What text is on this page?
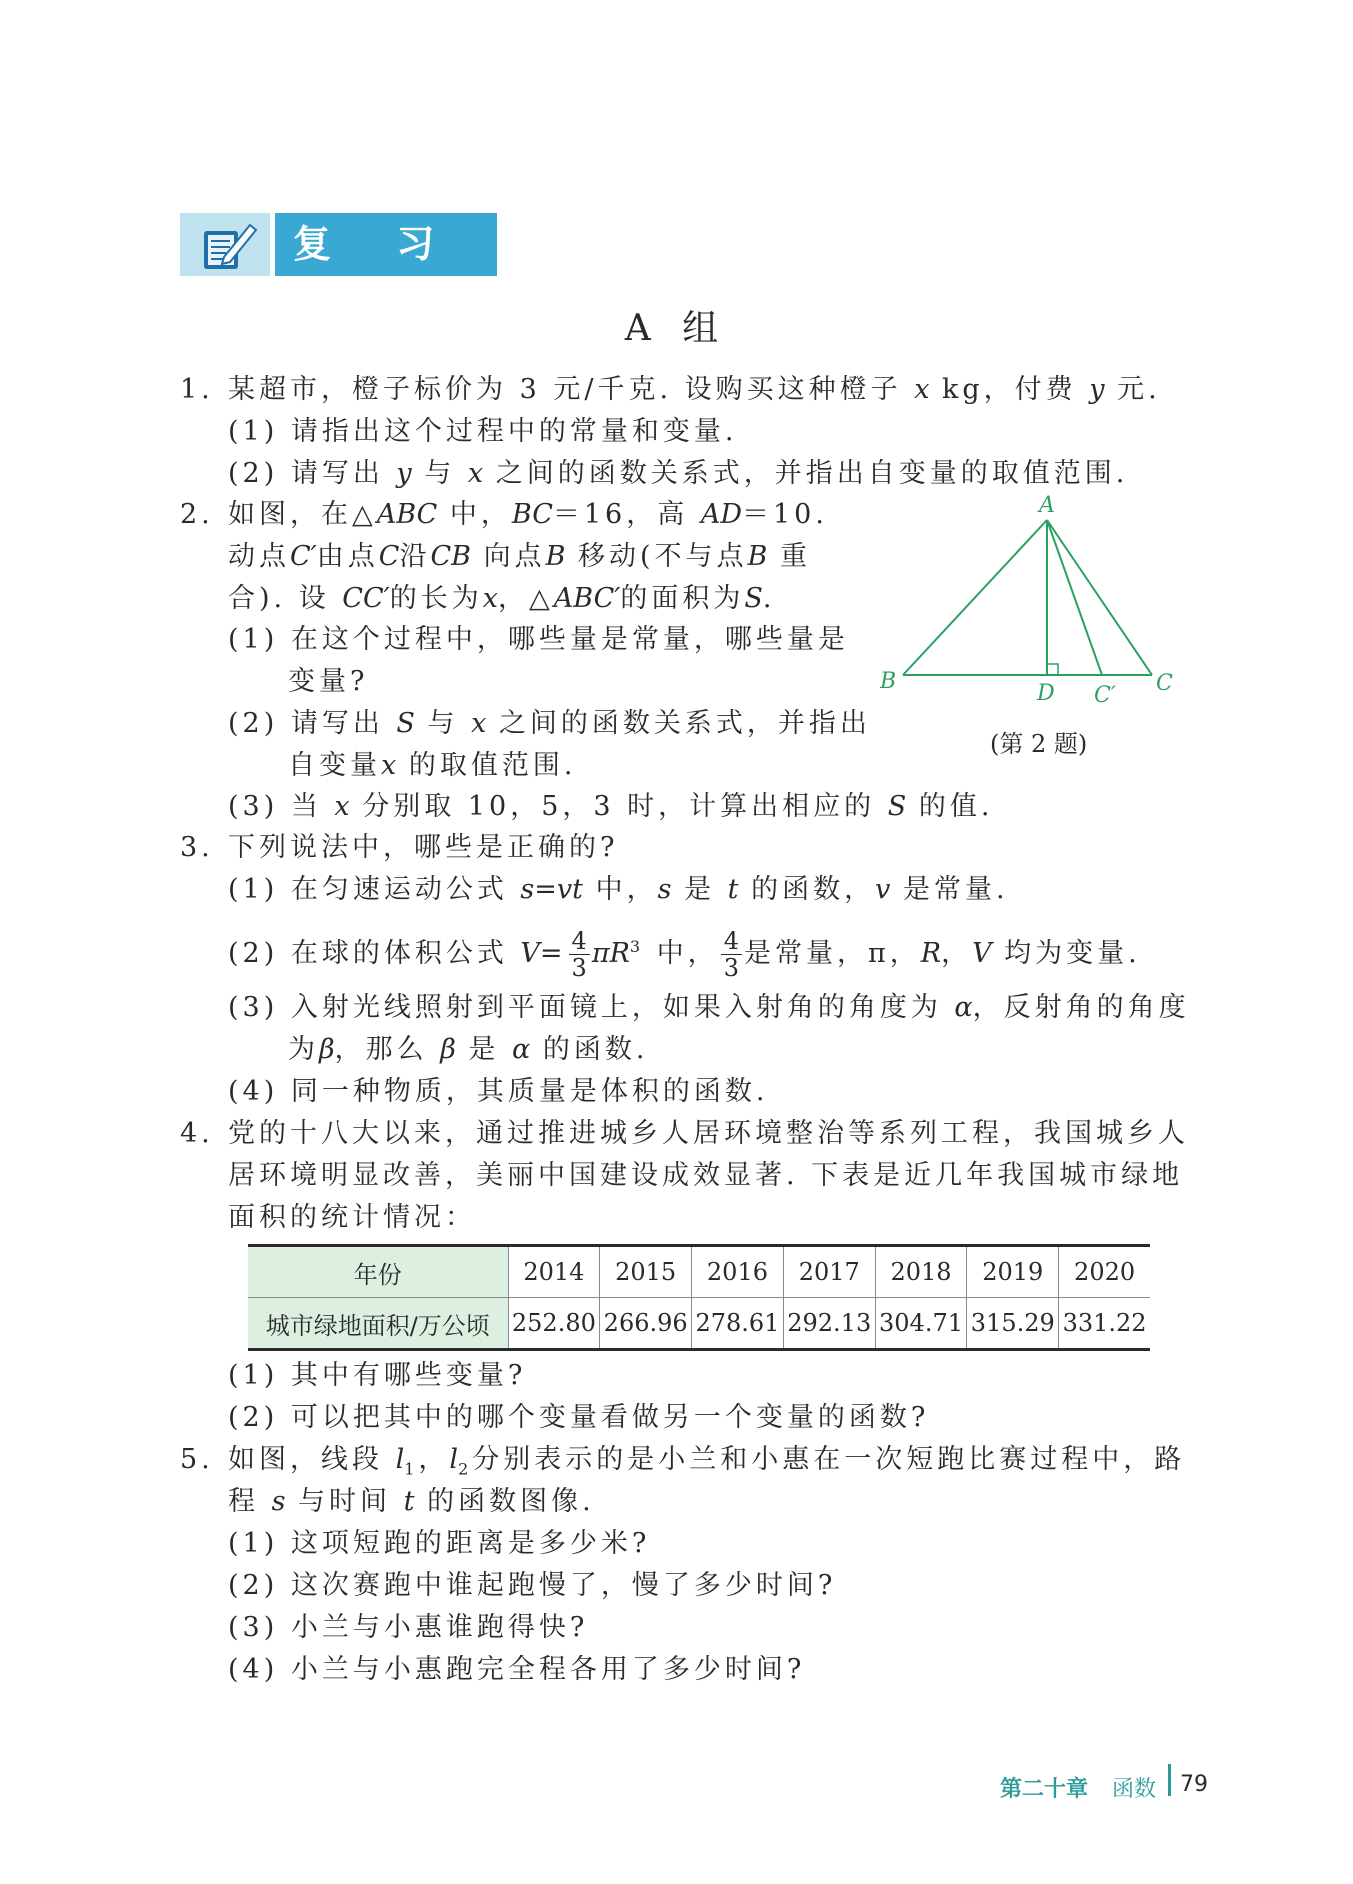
复 习 题
A 组
1. 某超市，橙子标价为 3 元/千克. 设购买这种橙子 x kg，付费 y 元.
(1) 请指出这个过程中的常量和变量.
(2) 请写出 y 与 x 之间的函数关系式，并指出自变量的取值范围.
2. 如图，在△ABC 中，BC＝16，高 AD＝10.
动点C′由点C沿CB 向点B 移动(不与点B 重
合). 设 CC′的长为x，△ABC′的面积为S.
(1) 在这个过程中，哪些量是常量，哪些量是
变量?
(2) 请写出 S 与 x 之间的函数关系式，并指出
自变量x 的取值范围.
(3) 当 x 分别取 10，5，3 时，计算出相应的 S 的值.
A
B	D C′ C
(第 2 题)
3. 下列说法中，哪些是正确的?
(1) 在匀速运动公式 s=vt 中，s 是 t 的函数，v 是常量.
(2) 在球的体积公式 $V= \frac{4}{3} \pi R^3$ 中， $\frac{4}{3}$ 是常量，π，R，V 均为变量.
(3) 入射光线照射到平面镜上，如果入射角的角度为 α，反射角的角度
为β，那么 β 是 α 的函数.
(4) 同一种物质，其质量是体积的函数.
4. 党的十八大以来，通过推进城乡人居环境整治等系列工程，我国城乡人
居环境明显改善，美丽中国建设成效显著. 下表是近几年我国城市绿地
面积的统计情况：
年份	2014	2015	2016	2017	2018	2019	2020
城市绿地面积/万公顷	252.80	266.96	278.61	292.13	304.71	315.29	331.22
(1) 其中有哪些变量?
(2) 可以把其中的哪个变量看做另一个变量的函数?
5. 如图，线段 $l_1$，$l_2$分别表示的是小兰和小惠在一次短跑比赛过程中，路
程 s 与时间 t 的函数图像.
(1) 这项短跑的距离是多少米?
(2) 这次赛跑中谁起跑慢了，慢了多少时间?
(3) 小兰与小惠谁跑得快?
(4) 小兰与小惠跑完全程各用了多少时间?
第二十章 函数 79
